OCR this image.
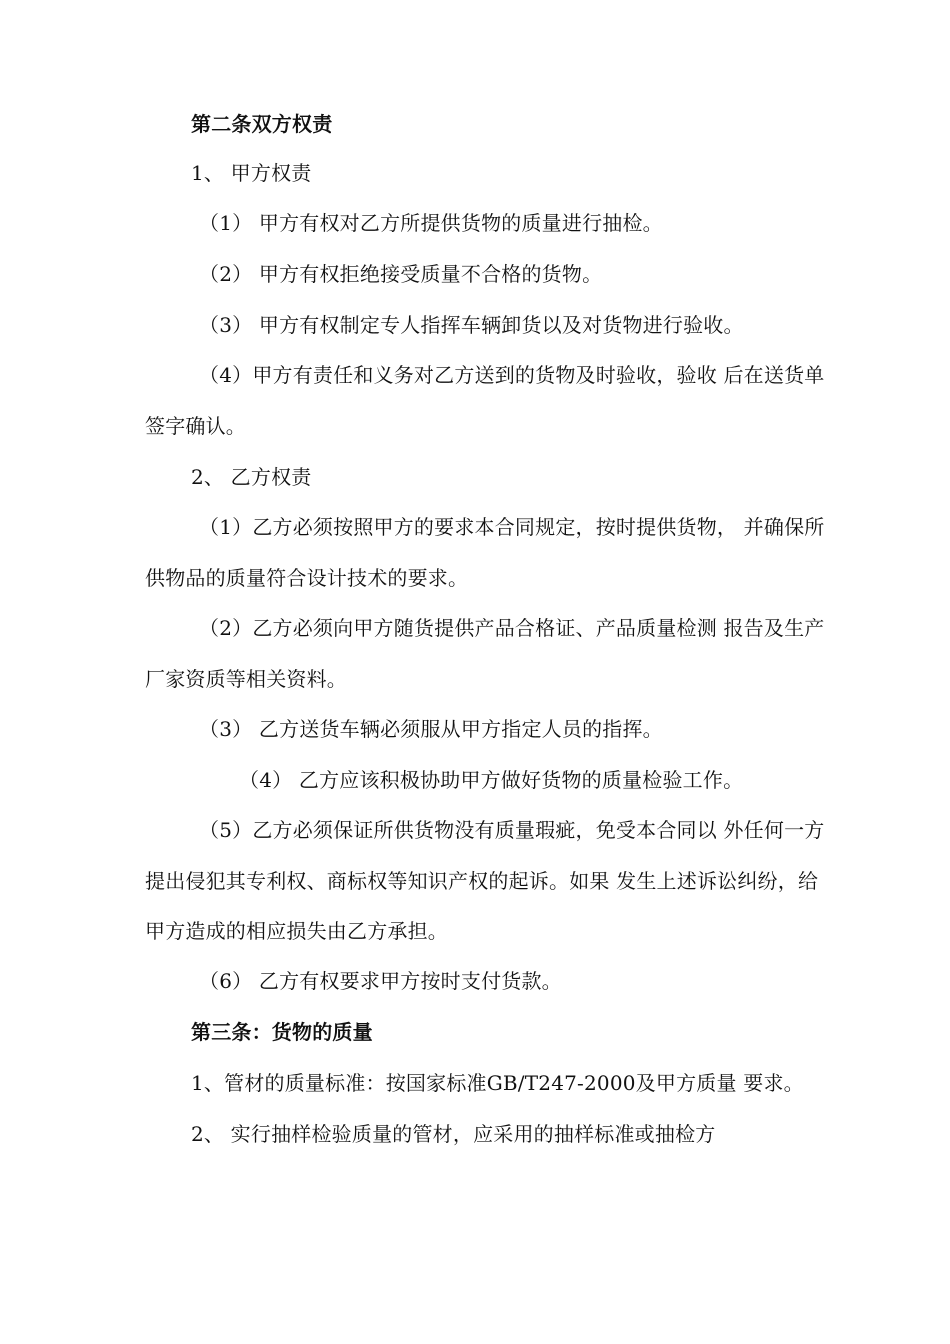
第二条双方权责
1、 甲方权责
（1） 甲方有权对乙方所提供货物的质量进行抽检。
（2） 甲方有权拒绝接受质量不合格的货物。
（3） 甲方有权制定专人指挥车辆卸货以及对货物进行验收。
（4）甲方有责任和义务对乙方送到的货物及时验收，验收 后在送货单
签字确认。
2、 乙方权责
（1）乙方必须按照甲方的要求本合同规定，按时提供货物， 并确保所
供物品的质量符合设计技术的要求。
（2）乙方必须向甲方随货提供产品合格证、产品质量检测 报告及生产
厂家资质等相关资料。
（3） 乙方送货车辆必须服从甲方指定人员的指挥。
（4） 乙方应该积极协助甲方做好货物的质量检验工作。
（5）乙方必须保证所供货物没有质量瑕疵，免受本合同以 外任何一方
提出侵犯其专利权、商标权等知识产权的起诉。如果 发生上述诉讼纠纷，给
甲方造成的相应损失由乙方承担。
（6） 乙方有权要求甲方按时支付货款。
第三条：货物的质量
1、管材的质量标准：按国家标准GB/T247-2000及甲方质量 要求。
2、 实行抽样检验质量的管材，应采用的抽样标准或抽检方
